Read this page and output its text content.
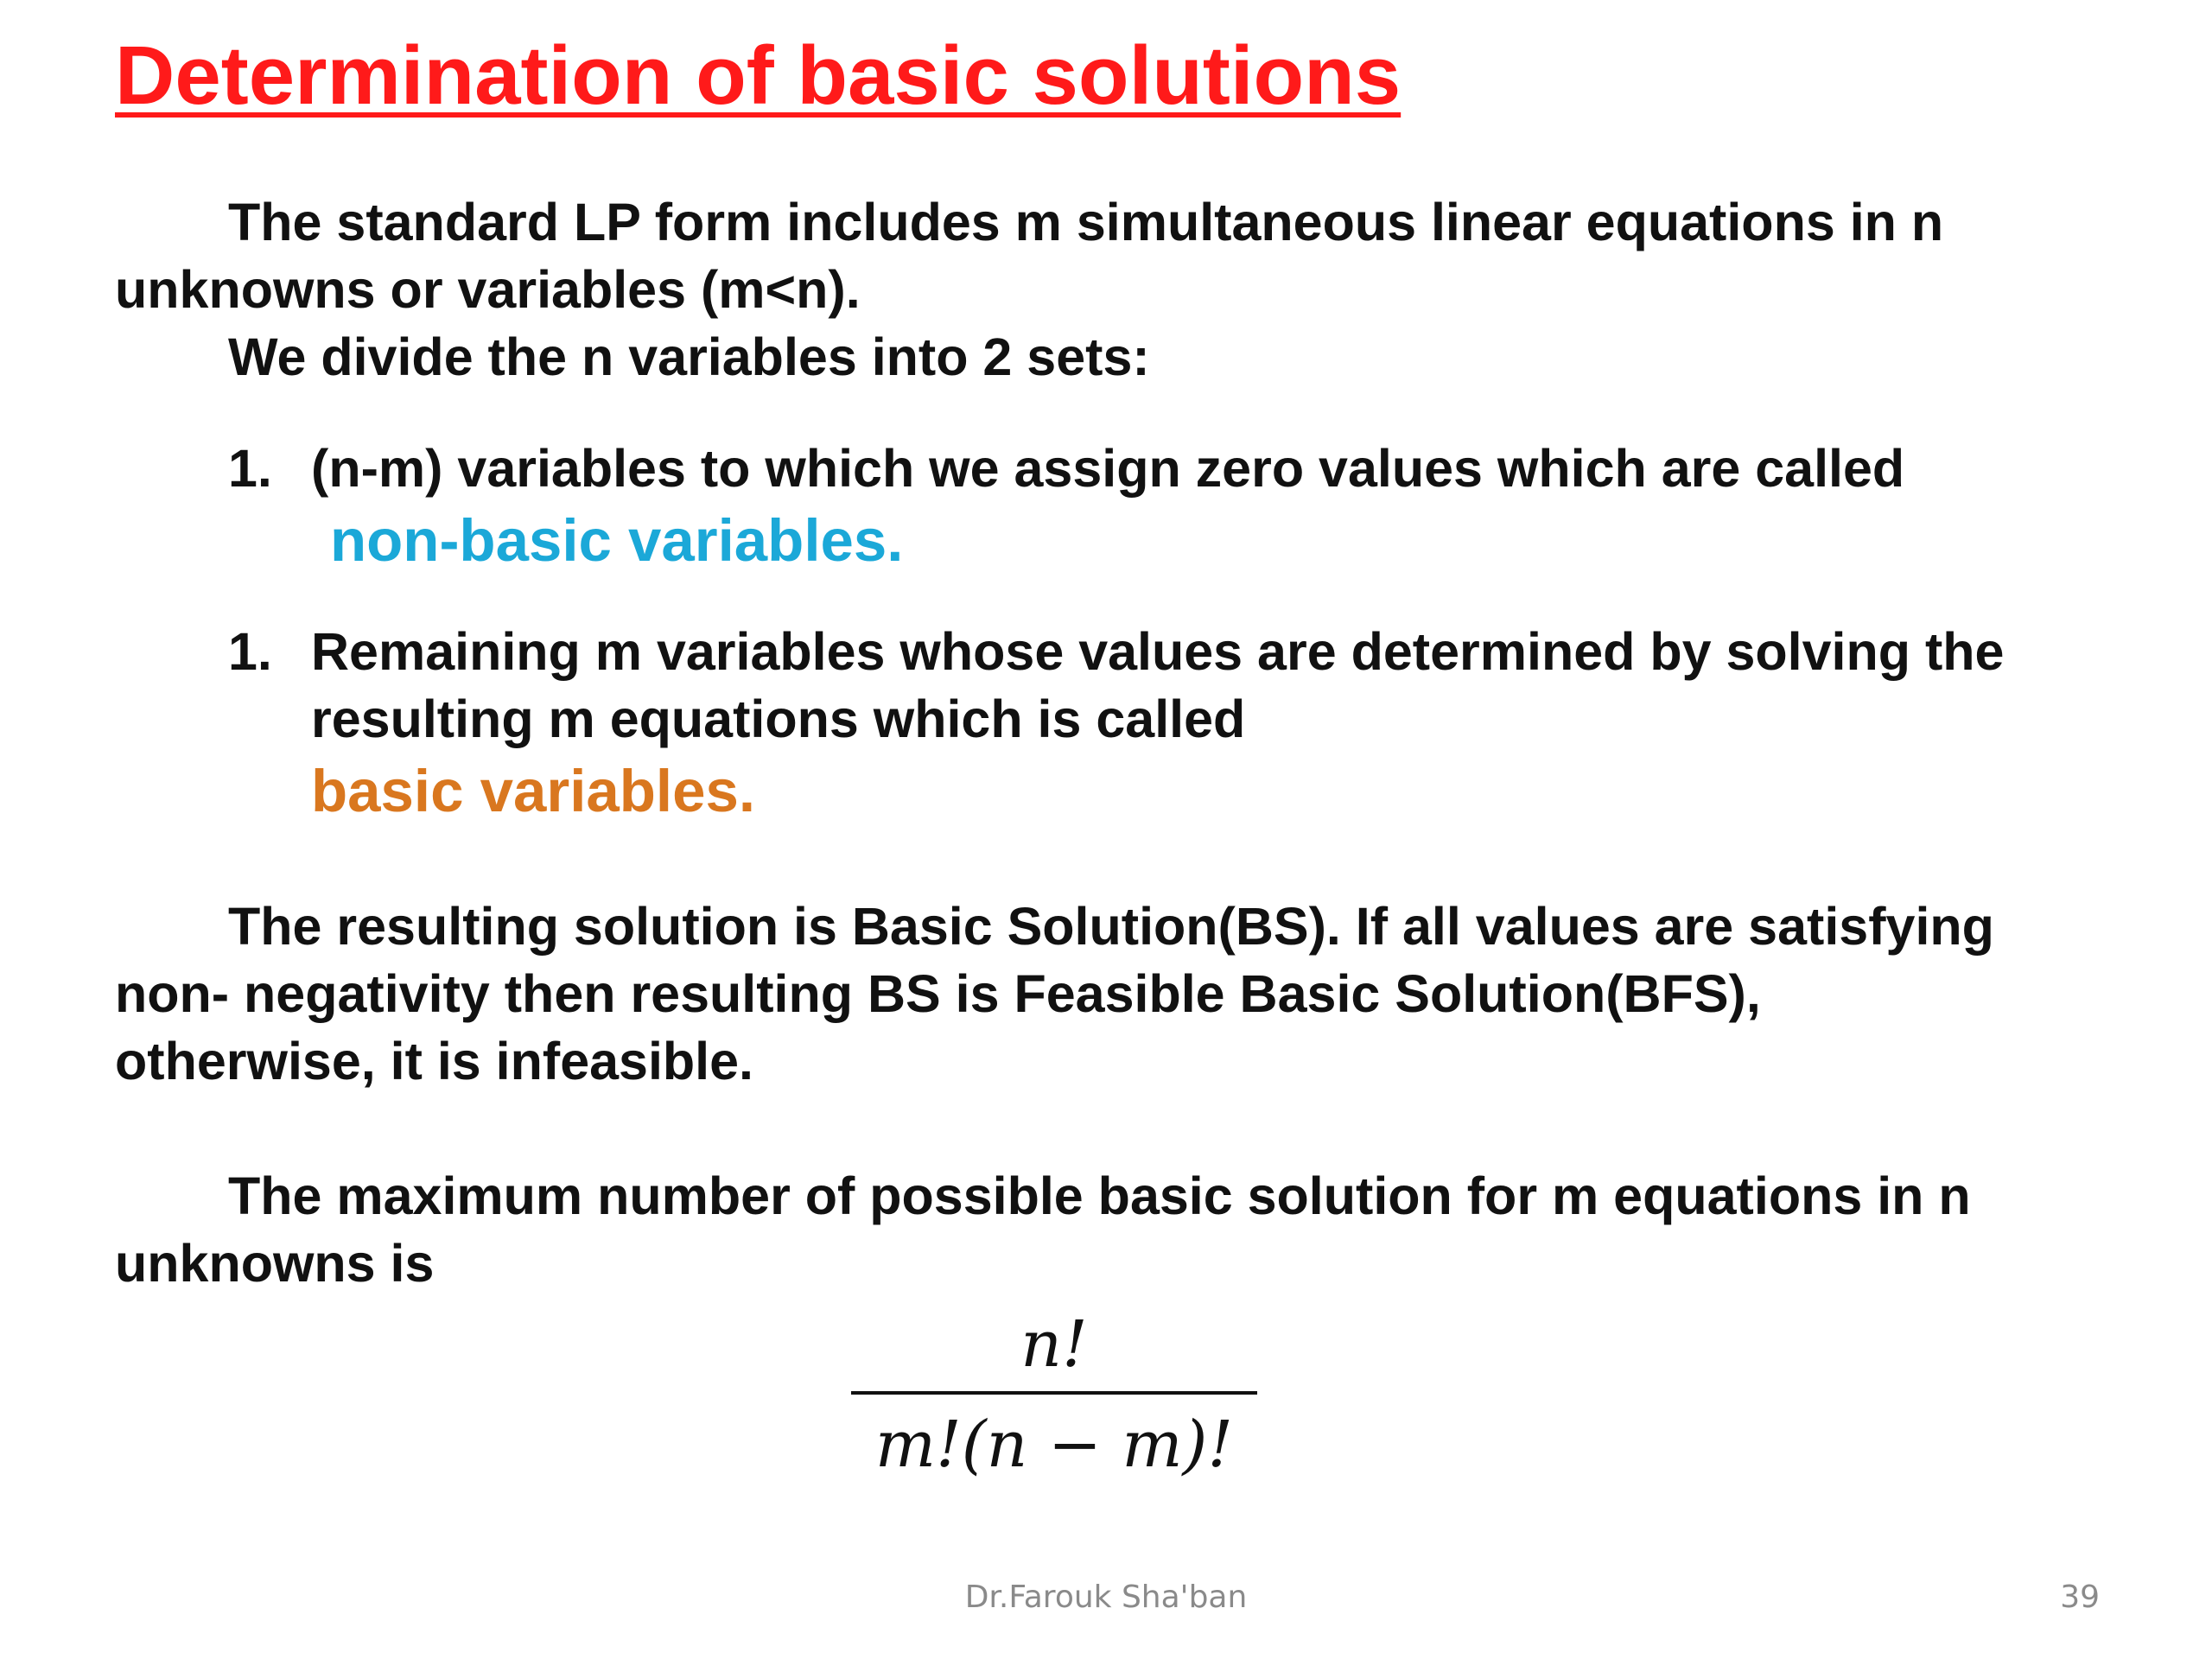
Determination of basic solutions

The standard LP form includes m simultaneous linear equations in n
unknowns or variables (m<n).
We divide the n variables into 2 sets:

1. (n-m) variables to which we assign zero values which are called
non-basic variables.
1. Remaining m variables whose values are determined by solving the
resulting m equations which is called
basic variables.

The resulting solution is Basic Solution(BS). If all values are satisfying
non- negativity then resulting BS is Feasible Basic Solution(BFS),
otherwise, it is infeasible.

The maximum number of possible basic solution for m equations in n
unknowns is

n!
m!(n − m)!
Dr.Farouk Sha'ban	39
